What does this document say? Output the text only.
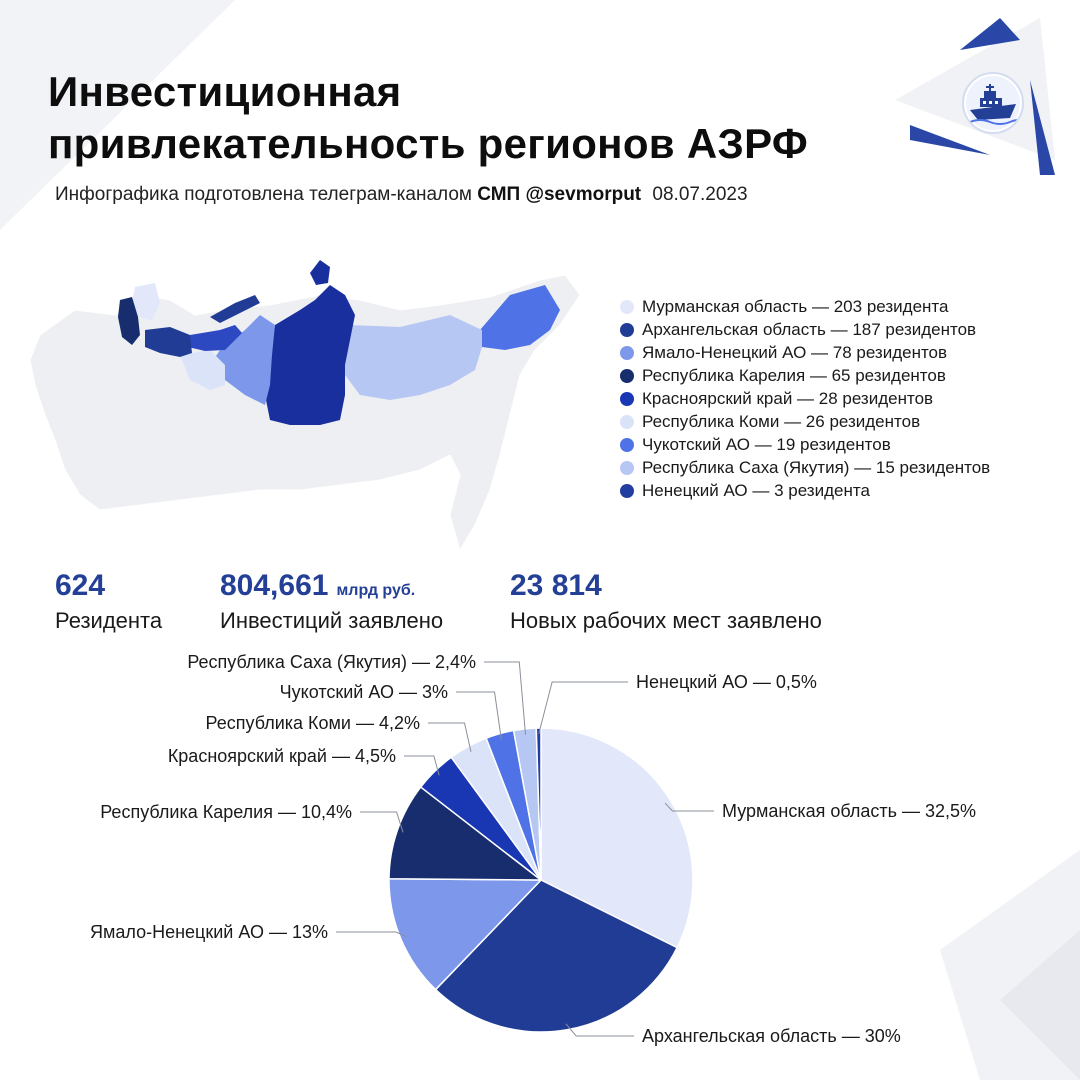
Инвестиционная
привлекательность регионов АЗРФ
Инфографика подготовлена телеграм-каналом СМП @sevmorput 08.07.2023
Мурманская область — 203 резидента
Архангельская область — 187 резидентов
Ямало-Ненецкий АО — 78 резидентов
Республика Карелия — 65 резидентов
Красноярский край — 28 резидентов
Республика Коми — 26 резидентов
Чукотский АО — 19 резидентов
Республика Саха (Якутия) — 15 резидентов
Ненецкий АО — 3 резидента
624
Резидента
804,661 млрд руб.
Инвестиций заявлено
23 814
Новых рабочих мест заявлено
Мурманская область — 32,5%
Архангельская область — 30%
Ямало-Ненецкий АО — 13%
Республика Карелия — 10,4%
Красноярский край — 4,5%
Республика Коми — 4,2%
Чукотский АО — 3%
Республика Саха (Якутия) — 2,4%
Ненецкий АО — 0,5%
